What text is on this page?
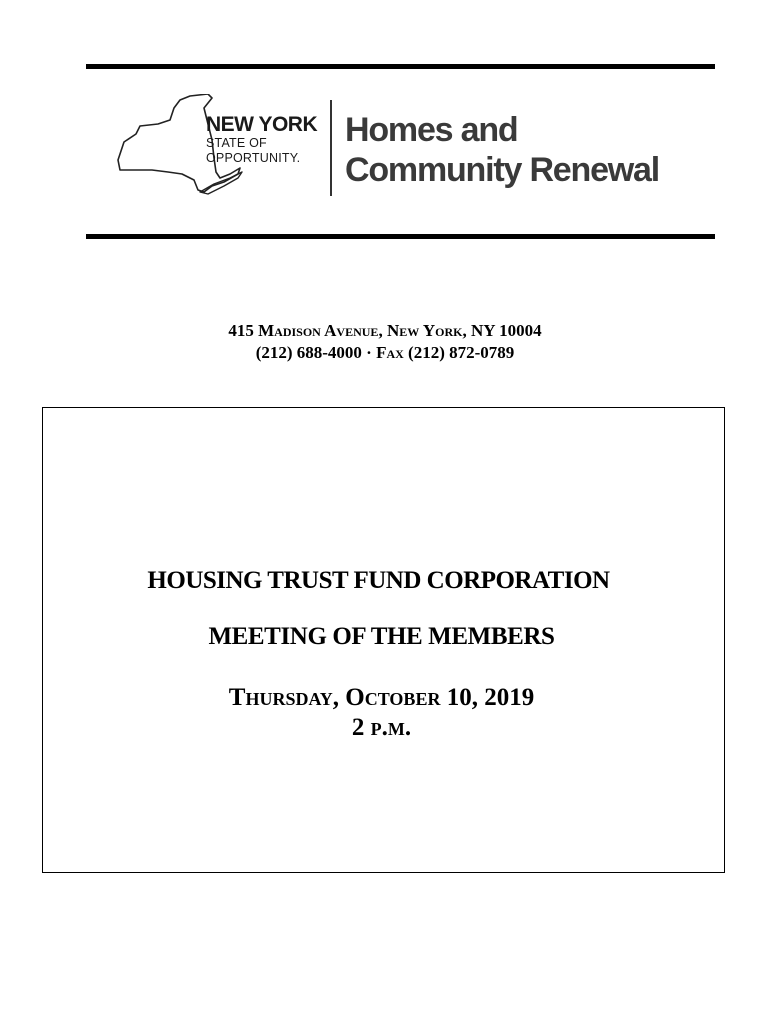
NEW YORK
STATE OF
OPPORTUNITY.
Homes and
Community Renewal
415 Madison Avenue, New York, NY 10004
(212) 688-4000 · Fax (212) 872-0789
HOUSING TRUST FUND CORPORATION
MEETING OF THE MEMBERS
Thursday, October 10, 2019
2 p.m.
